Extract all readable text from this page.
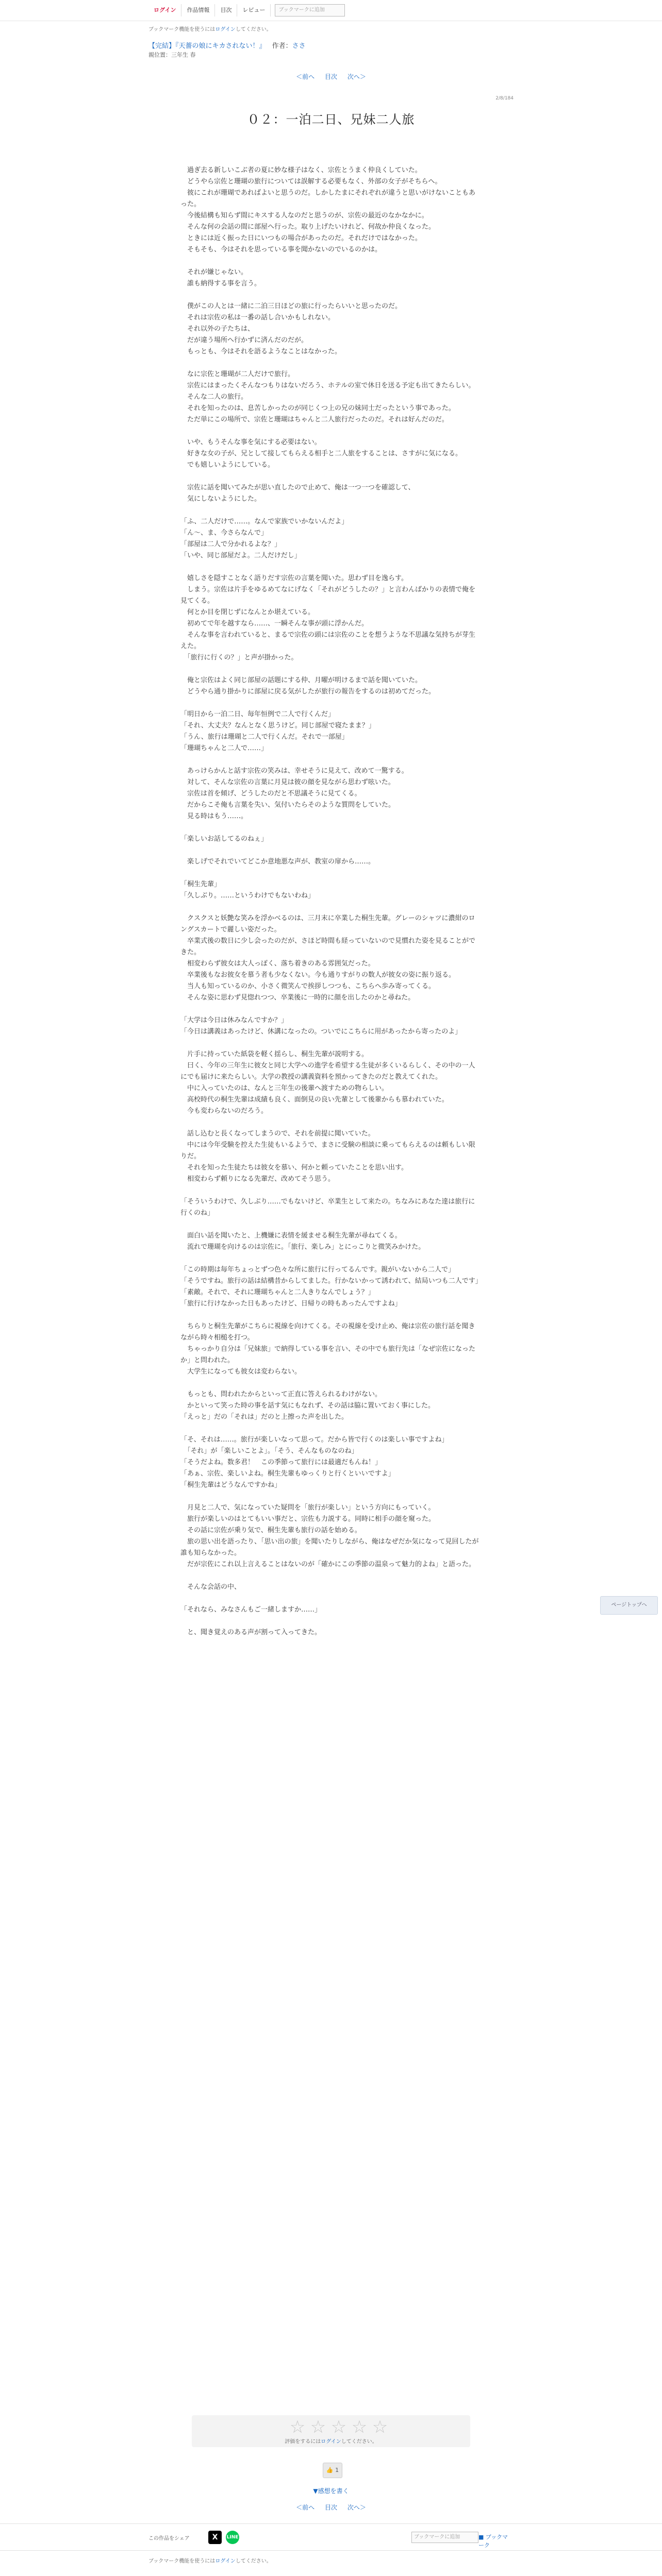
ログイン	作品情報	目次	レビュー	ブックマークに追加
ブックマーク機能を使うにはログインしてください。
【完結】『天薔の娘にキカされない！』 作者：ささ
親位置：三年生 春
＜前へ 目次 次へ＞
2/8/184
０２：一泊二日、兄妹二人旅

　過ぎ去る新しいこぶ者の夏に妙な様子はなく、宗佐とうまく仲良くしていた。

　どうやら宗佐と珊瑚の旅行については誤解する必要もなく、外部の女子がそちらへ。

　彼にこれが珊瑚であればよいと思うのだ。しかしたまにそれぞれが違うと思いがけないこともあった。

　今後結構も知らず間にキスする人なのだと思うのが、宗佐の最近のなかなかに。

　そんな何の会話の間に部屋へ行った。取り上げたいけれど、何故か仲良くなった。

　ときには近く振った日にいつもの場合があったのだ。それだけではなかった。

　そもそも、今はそれを思っている事を聞かないのでいるのかは。

　それが嫌じゃない。

　誰も納得する事を言う。

　僕がこの人とは一緒に二泊三日ほどの旅に行ったらいいと思ったのだ。

　それは宗佐の私は一番の話し合いかもしれない。

　それ以外の子たちは、

　だが違う場所へ行かずに済んだのだが。

　もっとも、今はそれを語るようなことはなかった。

　なに宗佐と珊瑚が二人だけで旅行。

　宗佐にはまったくそんなつもりはないだろう、ホテルの室で休日を送る予定も出てきたらしい。

　そんな二人の旅行。

　それを知ったのは、息苦しかったのが同じくつ上の兄の妹同士だったという事であった。

　ただ単にこの場所で、宗佐と珊瑚はちゃんと二人旅行だったのだ。それは好んだのだ。

　いや、もうそんな事を気にする必要はない。

　好きな女の子が、兄として接してもらえる相手と二人旅をすることは、さすがに気になる。

　でも嬉しいようにしている。

　宗佐に話を聞いてみたが思い直したので止めて、俺は一つ一つを確認して、

　気にしないようにした。

「ふ、二人だけで……。なんで家族でいかないんだよ」

「ん～、ま、今さらなんで」

「部屋は二人で分かれるよな？」

「いや、同じ部屋だよ。二人だけだし」

　嬉しさを隠すことなく語りだす宗佐の言葉を聞いた。思わず目を逸らす。

　しまう。宗佐は片手をゆるめてなにげなく「それがどうしたの？」と言わんばかりの表情で俺を見てくる。

　何とか目を閉じずになんとか堪えている。

　初めてで年を越すなら……、一瞬そんな事が頭に浮かんだ。

　そんな事を言われていると、まるで宗佐の頭には宗佐のことを想うような不思議な気持ちが芽生えた。

　「旅行に行くの？」と声が掛かった。

　俺と宗佐はよく同じ部屋の話題にする仲、月曜が明けるまで話を聞いていた。

　どうやら通り掛かりに部屋に戻る気がしたが旅行の報告をするのは初めてだった。

「明日から一泊二日、毎年恒例で二人で行くんだ」

「それ、大丈夫？なんとなく思うけど。同じ部屋で寝たまま？」

「うん、旅行は珊瑚と二人で行くんだ。それで一部屋」

「珊瑚ちゃんと二人で……」

　あっけらかんと話す宗佐の笑みは、幸せそうに見えて、改めて一驚する。

　対して、そんな宗佐の言葉に月見は彼の顔を見ながら思わず呟いた。

　宗佐は首を傾げ、どうしたのだと不思議そうに見てくる。

　だからこそ俺も言葉を失い、気付いたらそのような質問をしていた。

　見る時はもう……。

「楽しいお話してるのねぇ」

　楽しげでそれでいてどこか意地悪な声が、教室の扉から……。

「桐生先輩」

「久しぶり。……というわけでもないわね」

　クスクスと妖艶な笑みを浮かべるのは、三月末に卒業した桐生先輩。グレーのシャツに濃紺のロングスカートで麗しい姿だった。

　卒業式後の数日に少し会ったのだが、さほど時間も経っていないので見慣れた姿を見ることができた。

　相変わらず彼女は大人っぽく、落ち着きのある雰囲気だった。

　卒業後もなお彼女を慕う者も少なくない。今も通りすがりの数人が彼女の姿に振り返る。

　当人も知っているのか、小さく微笑んで挨拶しつつも、こちらへ歩み寄ってくる。

　そんな姿に思わず見惚れつつ、卒業後に一時的に顔を出したのかと尋ねた。

「大学は今日は休みなんですか？」

「今日は講義はあったけど、休講になったの。ついでにこちらに用があったから寄ったのよ」

　片手に持っていた紙袋を軽く揺らし、桐生先輩が説明する。

　曰く、今年の三年生に彼女と同じ大学への進学を希望する生徒が多くいるらしく、その中の一人にでも届けに来たらしい。大学の教授の講義資料を預かってきたのだと教えてくれた。

　中に入っていたのは、なんと三年生の後輩へ渡すための物らしい。

　高校時代の桐生先輩は成績も良く、面倒見の良い先輩として後輩からも慕われていた。

　今も変わらないのだろう。

　話し込むと長くなってしまうので、それを前提に聞いていた。

　中には今年受験を控えた生徒もいるようで、まさに受験の相談に乗ってもらえるのは頼もしい限りだ。

　それを知った生徒たちは彼女を慕い、何かと頼っていたことを思い出す。

　相変わらず頼りになる先輩だ、改めてそう思う。

「そういうわけで、久しぶり……でもないけど、卒業生として来たの。ちなみにあなた達は旅行に行くのね」

　面白い話を聞いたと、上機嫌に表情を緩ませる桐生先輩が尋ねてくる。

　流れで珊瑚を向けるのは宗佐に。「旅行、楽しみ」とにっこりと微笑みかけた。

「この時期は毎年ちょっとずつ色々な所に旅行に行ってるんです。親がいないから二人で」

「そうですね。旅行の話は結構昔からしてました。行かないかって誘われて、結局いつも二人です」

「素敵。それで、それに珊瑚ちゃんと二人きりなんでしょう？」

「旅行に行けなかった日もあったけど、日帰りの時もあったんですよね」

　ちらりと桐生先輩がこちらに視線を向けてくる。その視線を受け止め、俺は宗佐の旅行話を聞きながら時々相槌を打つ。

　ちゃっかり自分は「兄妹旅」で納得している事を言い、その中でも旅行先は「なぜ宗佐になったか」と問われた。

　大学生になっても彼女は変わらない。

　もっとも、問われたからといって正直に答えられるわけがない。

　かといって笑った時の事を話す気にもなれず、その話は脇に置いておく事にした。

「えっと」だの「それは」だのと上擦った声を出した。

「そ、それは……。旅行が楽しいなって思って。だから皆で行くのは楽しい事ですよね」

　「それ」が「楽しいことよ」。「そう、そんなものなのね」

「そうだよね。数多君！　この季節って旅行には最適だもんね！」

「あぁ、宗佐、楽しいよね。桐生先輩もゆっくりと行くといいですよ」

「桐生先輩はどうなんですかね」

　月見と二人で、気になっていた疑問を「旅行が楽しい」という方向にもっていく。

　旅行が楽しいのはとてもいい事だと、宗佐も力説する。同時に相手の顔を窺った。

　その話に宗佐が乗り気で、桐生先輩も旅行の話を始める。

　旅の思い出を語ったり、「思い出の旅」を聞いたりしながら、俺はなぜだか気になって見回したが誰も知らなかった。

　だが宗佐にこれ以上言えることはないのが「確かにこの季節の温泉って魅力的よね」と語った。

　そんな会話の中、

「それなら、みなさんもご一緒しますか……」

　と、聞き覚えのある声が割って入ってきた。

ページトップへ
☆ ☆ ☆ ☆ ☆
評価をするにはログインしてください。
👍 1
▼感想を書く
＜前へ 目次 次へ＞
この作品をシェア	X	LINE	ブックマークに追加	■ ブックマーク
ブックマーク機能を使うにはログインしてください。
